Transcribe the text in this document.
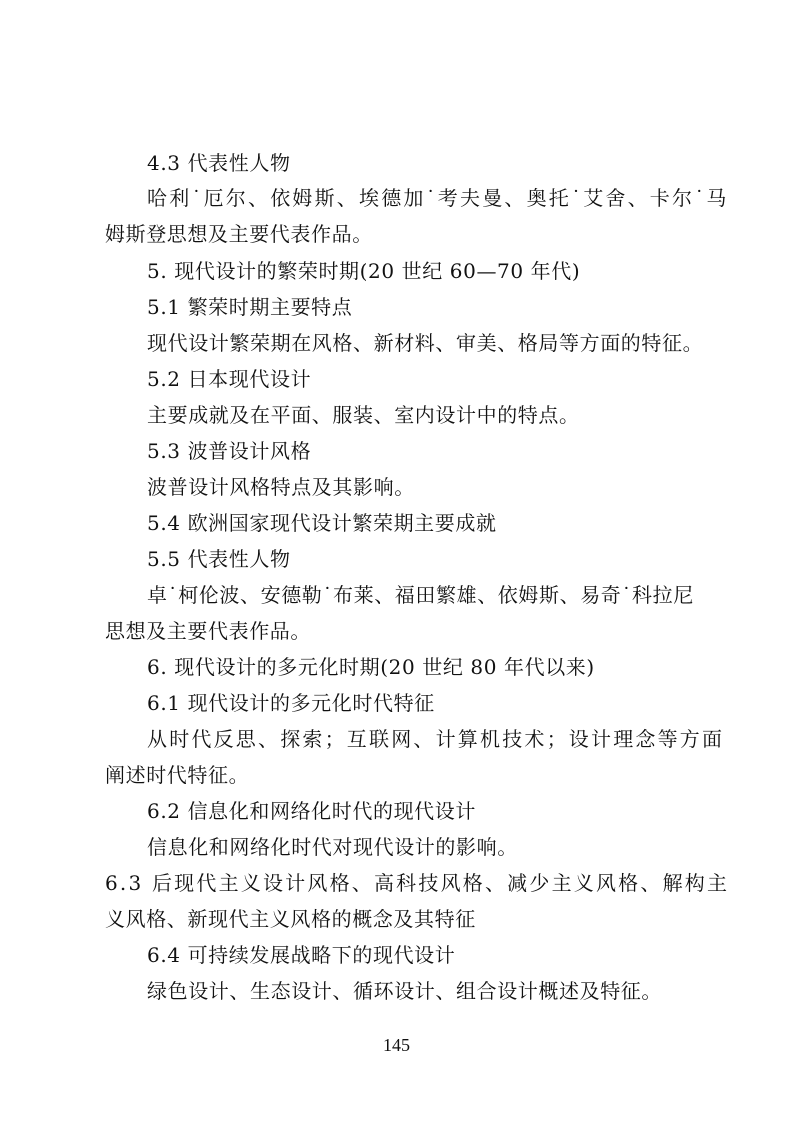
4.3 代表性人物
哈利˙厄尔、依姆斯、埃德加˙考夫曼、奥托˙艾舍、卡尔˙马
姆斯登思想及主要代表作品。
5. 现代设计的繁荣时期(20 世纪 60—70 年代)
5.1 繁荣时期主要特点
现代设计繁荣期在风格、新材料、审美、格局等方面的特征。
5.2 日本现代设计
主要成就及在平面、服装、室内设计中的特点。
5.3 波普设计风格
波普设计风格特点及其影响。
5.4 欧洲国家现代设计繁荣期主要成就
5.5 代表性人物
卓˙柯伦波、安德勒˙布莱、福田繁雄、依姆斯、易奇˙科拉尼
思想及主要代表作品。
6. 现代设计的多元化时期(20 世纪 80 年代以来)
6.1 现代设计的多元化时代特征
从时代反思、探索；互联网、计算机技术；设计理念等方面
阐述时代特征。
6.2 信息化和网络化时代的现代设计
信息化和网络化时代对现代设计的影响。
6.3 后现代主义设计风格、高科技风格、减少主义风格、解构主
义风格、新现代主义风格的概念及其特征
6.4 可持续发展战略下的现代设计
绿色设计、生态设计、循环设计、组合设计概述及特征。
145
